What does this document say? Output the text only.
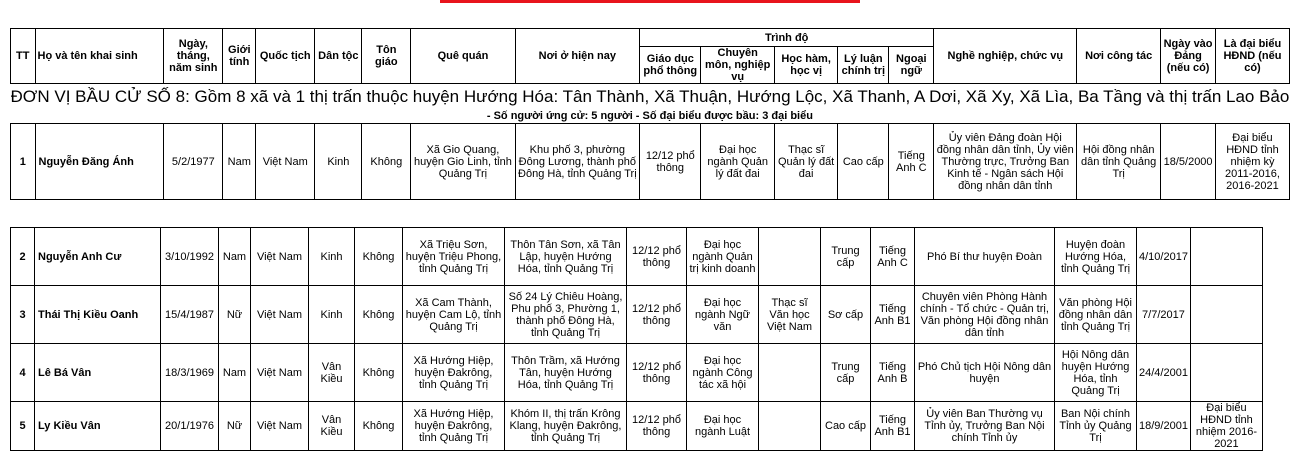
TT	Họ và tên khai sinh	Ngày, tháng, năm sinh	Giới tính	Quốc tịch	Dân tộc	Tôn giáo	Quê quán	Nơi ở hiện nay	Trình độ					Nghề nghiệp, chức vụ	Nơi công tác	Ngày vào Đảng (nếu có)	Là đại biểu HĐND (nếu có)
									Giáo dục phổ thông	Chuyên môn, nghiệp vụ	Học hàm, học vị	Lý luận chính trị	Ngoại ngữ				
ĐƠN VỊ BẦU CỬ SỐ 8: Gồm 8 xã và 1 thị trấn thuộc huyện Hướng Hóa: Tân Thành, Xã Thuận, Hướng Lộc, Xã Thanh, A Dơi, Xã Xy, Xã Lìa, Ba Tầng và thị trấn Lao Bảo																	
- Số người ứng cử: 5 người - Số đại biểu được bầu: 3 đại biểu																	
1	Nguyễn Đăng Ánh	5/2/1977	Nam	Việt Nam	Kinh	Không	Xã Gio Quang, huyện Gio Linh, tỉnh Quảng Trị	Khu phố 3, phường Đông Lương, thành phố Đông Hà, tỉnh Quảng Trị	12/12 phổ thông	Đại học ngành Quản lý đất đai	Thạc sĩ Quản lý đất đai	Cao cấp	Tiếng Anh C	Ủy viên Đảng đoàn Hội đồng nhân dân tỉnh, Ủy viên Thường trực, Trưởng Ban Kinh tế - Ngân sách Hội đồng nhân dân tỉnh	Hội đồng nhân dân tỉnh Quảng Trị	18/5/2000	Đại biểu HĐND tỉnh nhiệm kỳ 2011-2016, 2016-2021
2	Nguyễn Anh Cư	3/10/1992	Nam	Việt Nam	Kinh	Không	Xã Triệu Sơn, huyện Triệu Phong, tỉnh Quảng Trị	Thôn Tân Sơn, xã Tân Lập, huyện Hướng Hóa, tỉnh Quảng Trị	12/12 phổ thông	Đại học ngành Quản trị kinh doanh		Trung cấp	Tiếng Anh C	Phó Bí thư huyện Đoàn	Huyện đoàn Hướng Hóa, tỉnh Quảng Trị	4/10/2017	
3	Thái Thị Kiều Oanh	15/4/1987	Nữ	Việt Nam	Kinh	Không	Xã Cam Thành, huyện Cam Lộ, tỉnh Quảng Trị	Số 24 Lý Chiêu Hoàng, Phu phố 3, Phường 1, thành phố Đông Hà, tỉnh Quảng Trị	12/12 phổ thông	Đại học ngành Ngữ văn	Thạc sĩ Văn học Việt Nam	Sơ cấp	Tiếng Anh B1	Chuyên viên Phòng Hành chính - Tổ chức - Quản trị, Văn phòng Hội đồng nhân dân tỉnh	Văn phòng Hội đồng nhân dân tỉnh Quảng Trị	7/7/2017	
4	Lê Bá Vân	18/3/1969	Nam	Việt Nam	Vân Kiều	Không	Xã Hướng Hiệp, huyện Đakrông, tỉnh Quảng Trị	Thôn Trầm, xã Hướng Tân, huyện Hướng Hóa, tỉnh Quảng Trị	12/12 phổ thông	Đại học ngành Công tác xã hội		Trung cấp	Tiếng Anh B	Phó Chủ tịch Hội Nông dân huyện	Hội Nông dân huyện Hướng Hóa, tỉnh Quảng Trị	24/4/2001	
5	Ly Kiều Vân	20/1/1976	Nữ	Việt Nam	Vân Kiều	Không	Xã Hướng Hiệp, huyện Đakrông, tỉnh Quảng Trị	Khóm II, thị trấn Krông Klang, huyện Đakrông, tỉnh Quảng Trị	12/12 phổ thông	Đại học ngành Luật		Cao cấp	Tiếng Anh B1	Ủy viên Ban Thường vụ Tỉnh ủy, Trưởng Ban Nội chính Tỉnh ủy	Ban Nội chính Tỉnh ủy Quảng Trị	18/9/2001	Đại biểu HĐND tỉnh nhiệm 2016-2021
